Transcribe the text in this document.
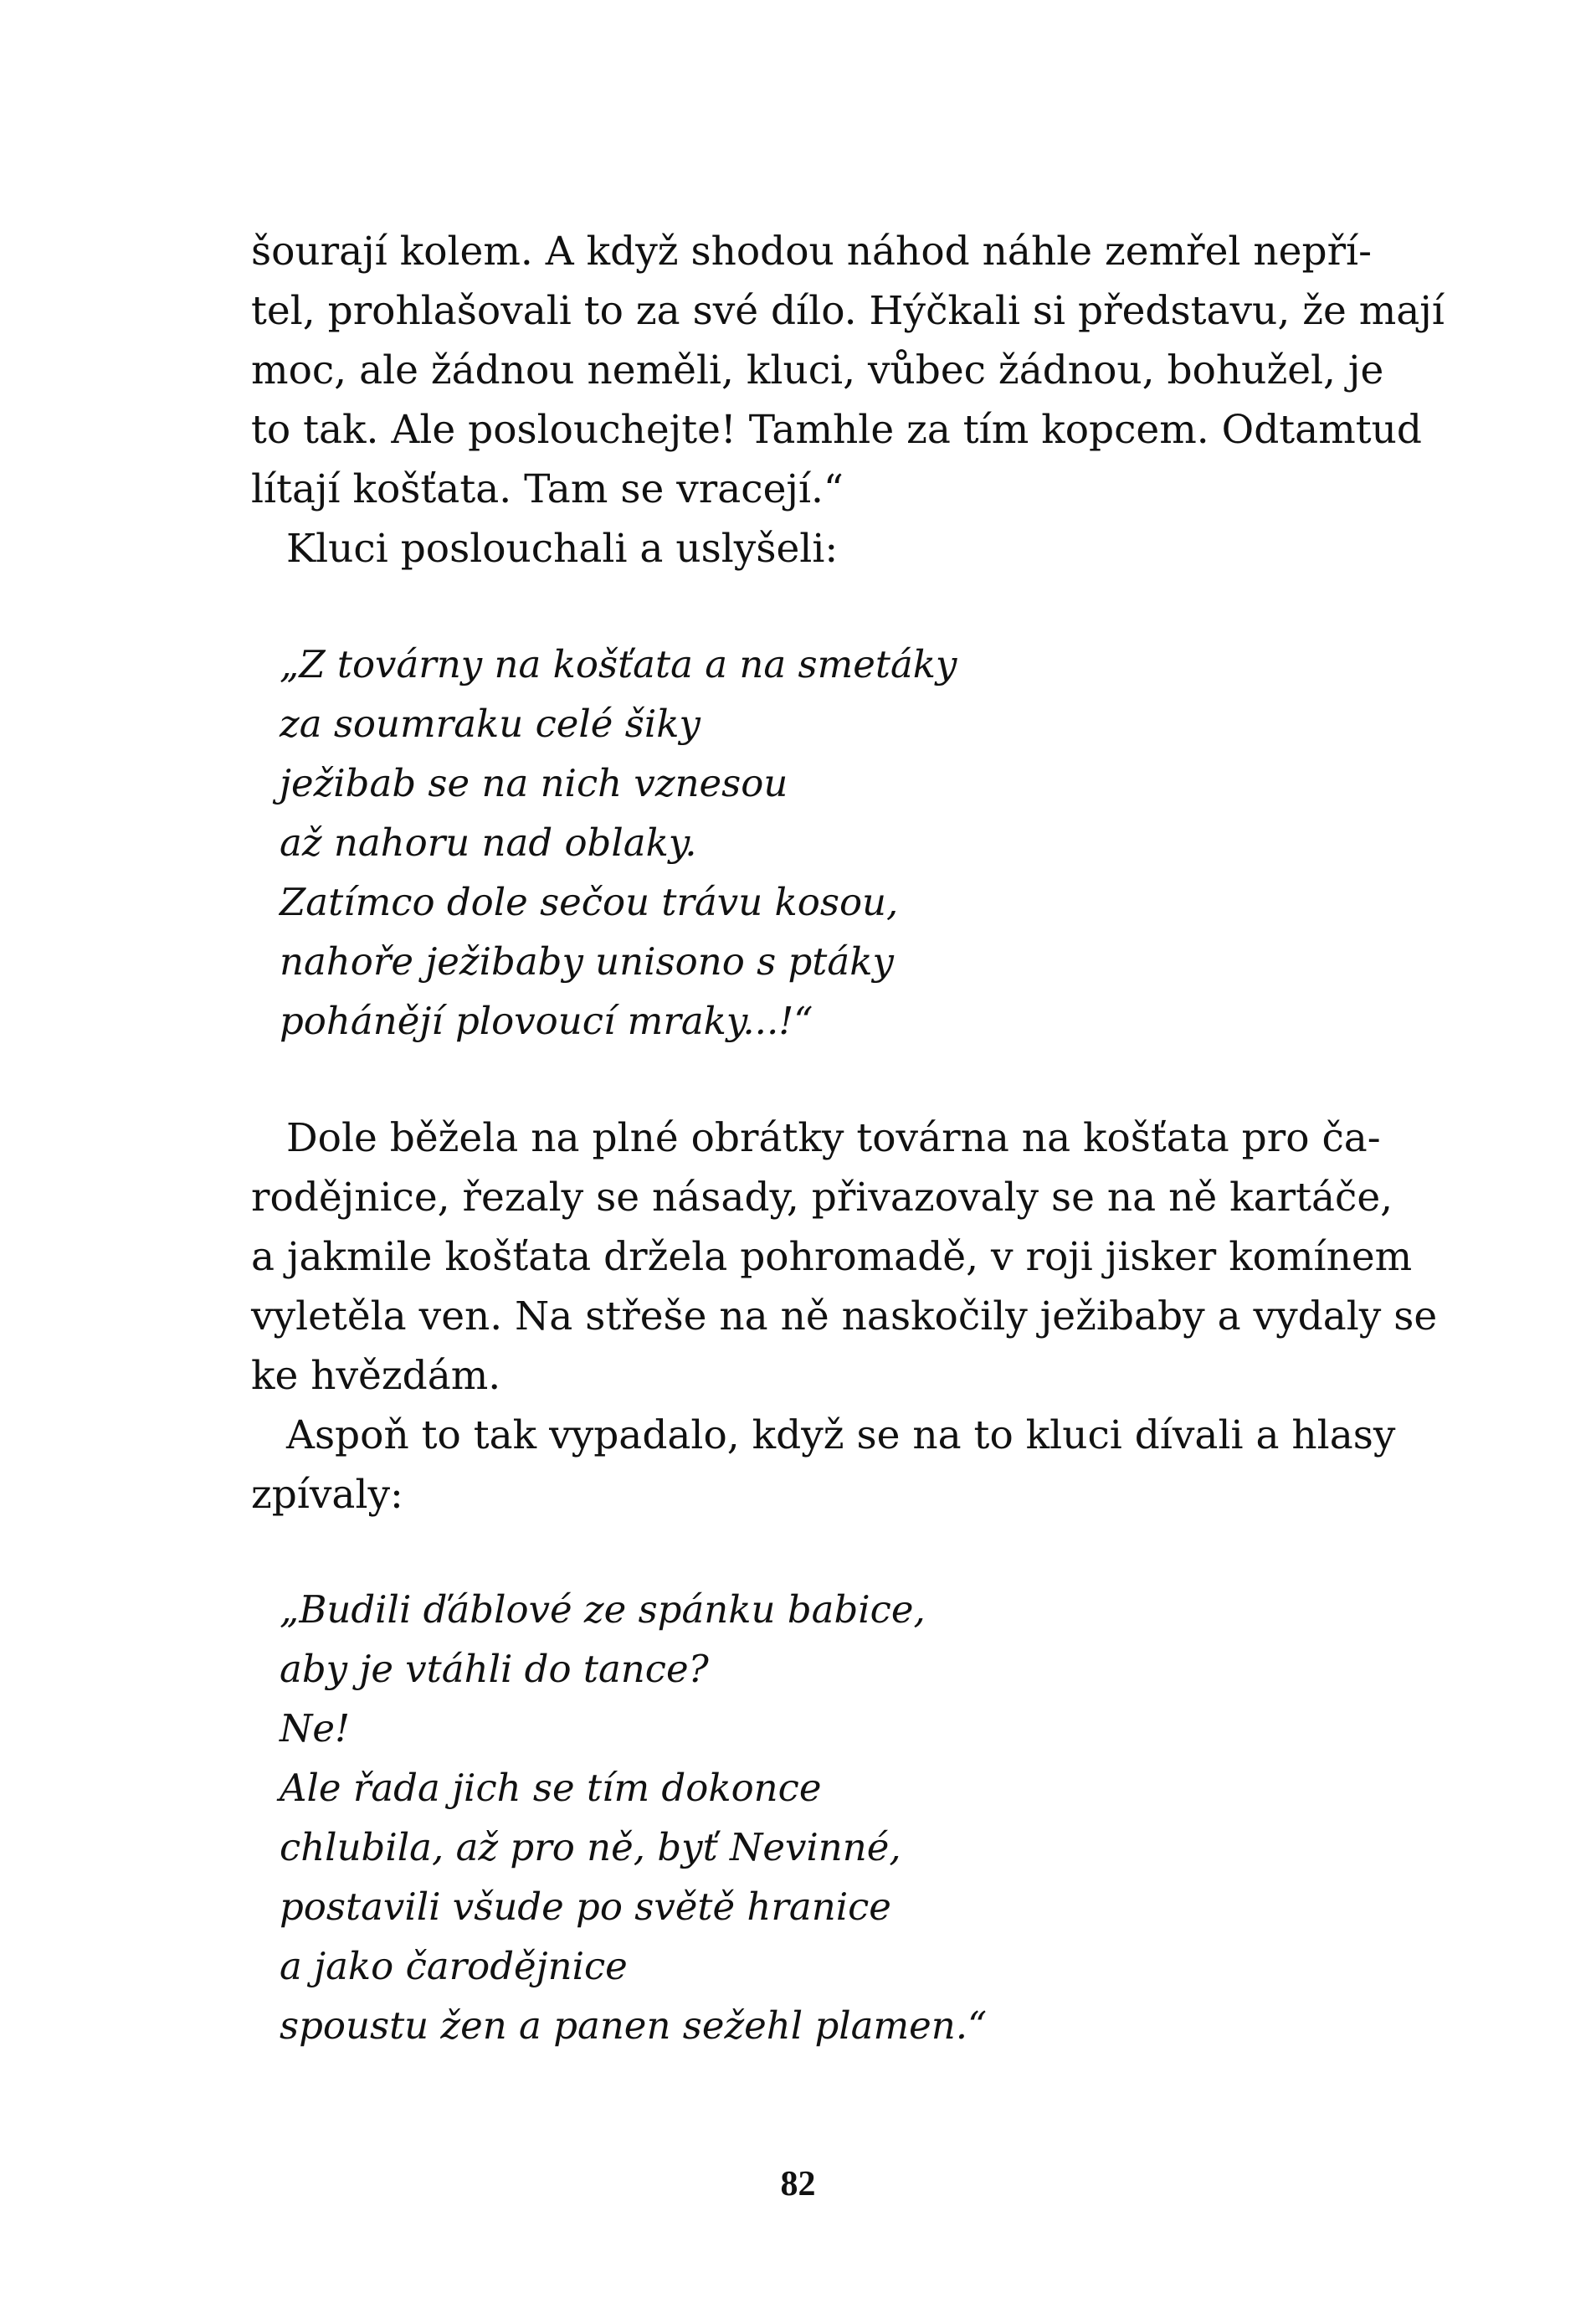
šourají kolem. A když shodou náhod náhle zemřel nepří-
tel, prohlašovali to za své dílo. Hýčkali si představu, že mají
moc, ale žádnou neměli, kluci, vůbec žádnou, bohužel, je
to tak. Ale poslouchejte! Tamhle za tím kopcem. Odtamtud
lítají košťata. Tam se vracejí.“
Kluci poslouchali a uslyšeli:
„Z továrny na košťata a na smetáky
za soumraku celé šiky
ježibab se na nich vznesou
až nahoru nad oblaky.
Zatímco dole sečou trávu kosou,
nahoře ježibaby unisono s ptáky
pohánějí plovoucí mraky...!“
Dole běžela na plné obrátky továrna na košťata pro ča-
rodějnice, řezaly se násady, přivazovaly se na ně kartáče,
a jakmile košťata držela pohromadě, v roji jisker komínem
vyletěla ven. Na střeše na ně naskočily ježibaby a vydaly se
ke hvězdám.
Aspoň to tak vypadalo, když se na to kluci dívali a hlasy
zpívaly:
„Budili ďáblové ze spánku babice,
aby je vtáhli do tance?
Ne!
Ale řada jich se tím dokonce
chlubila, až pro ně, byť Nevinné,
postavili všude po světě hranice
a jako čarodějnice
spoustu žen a panen sežehl plamen.“
82
